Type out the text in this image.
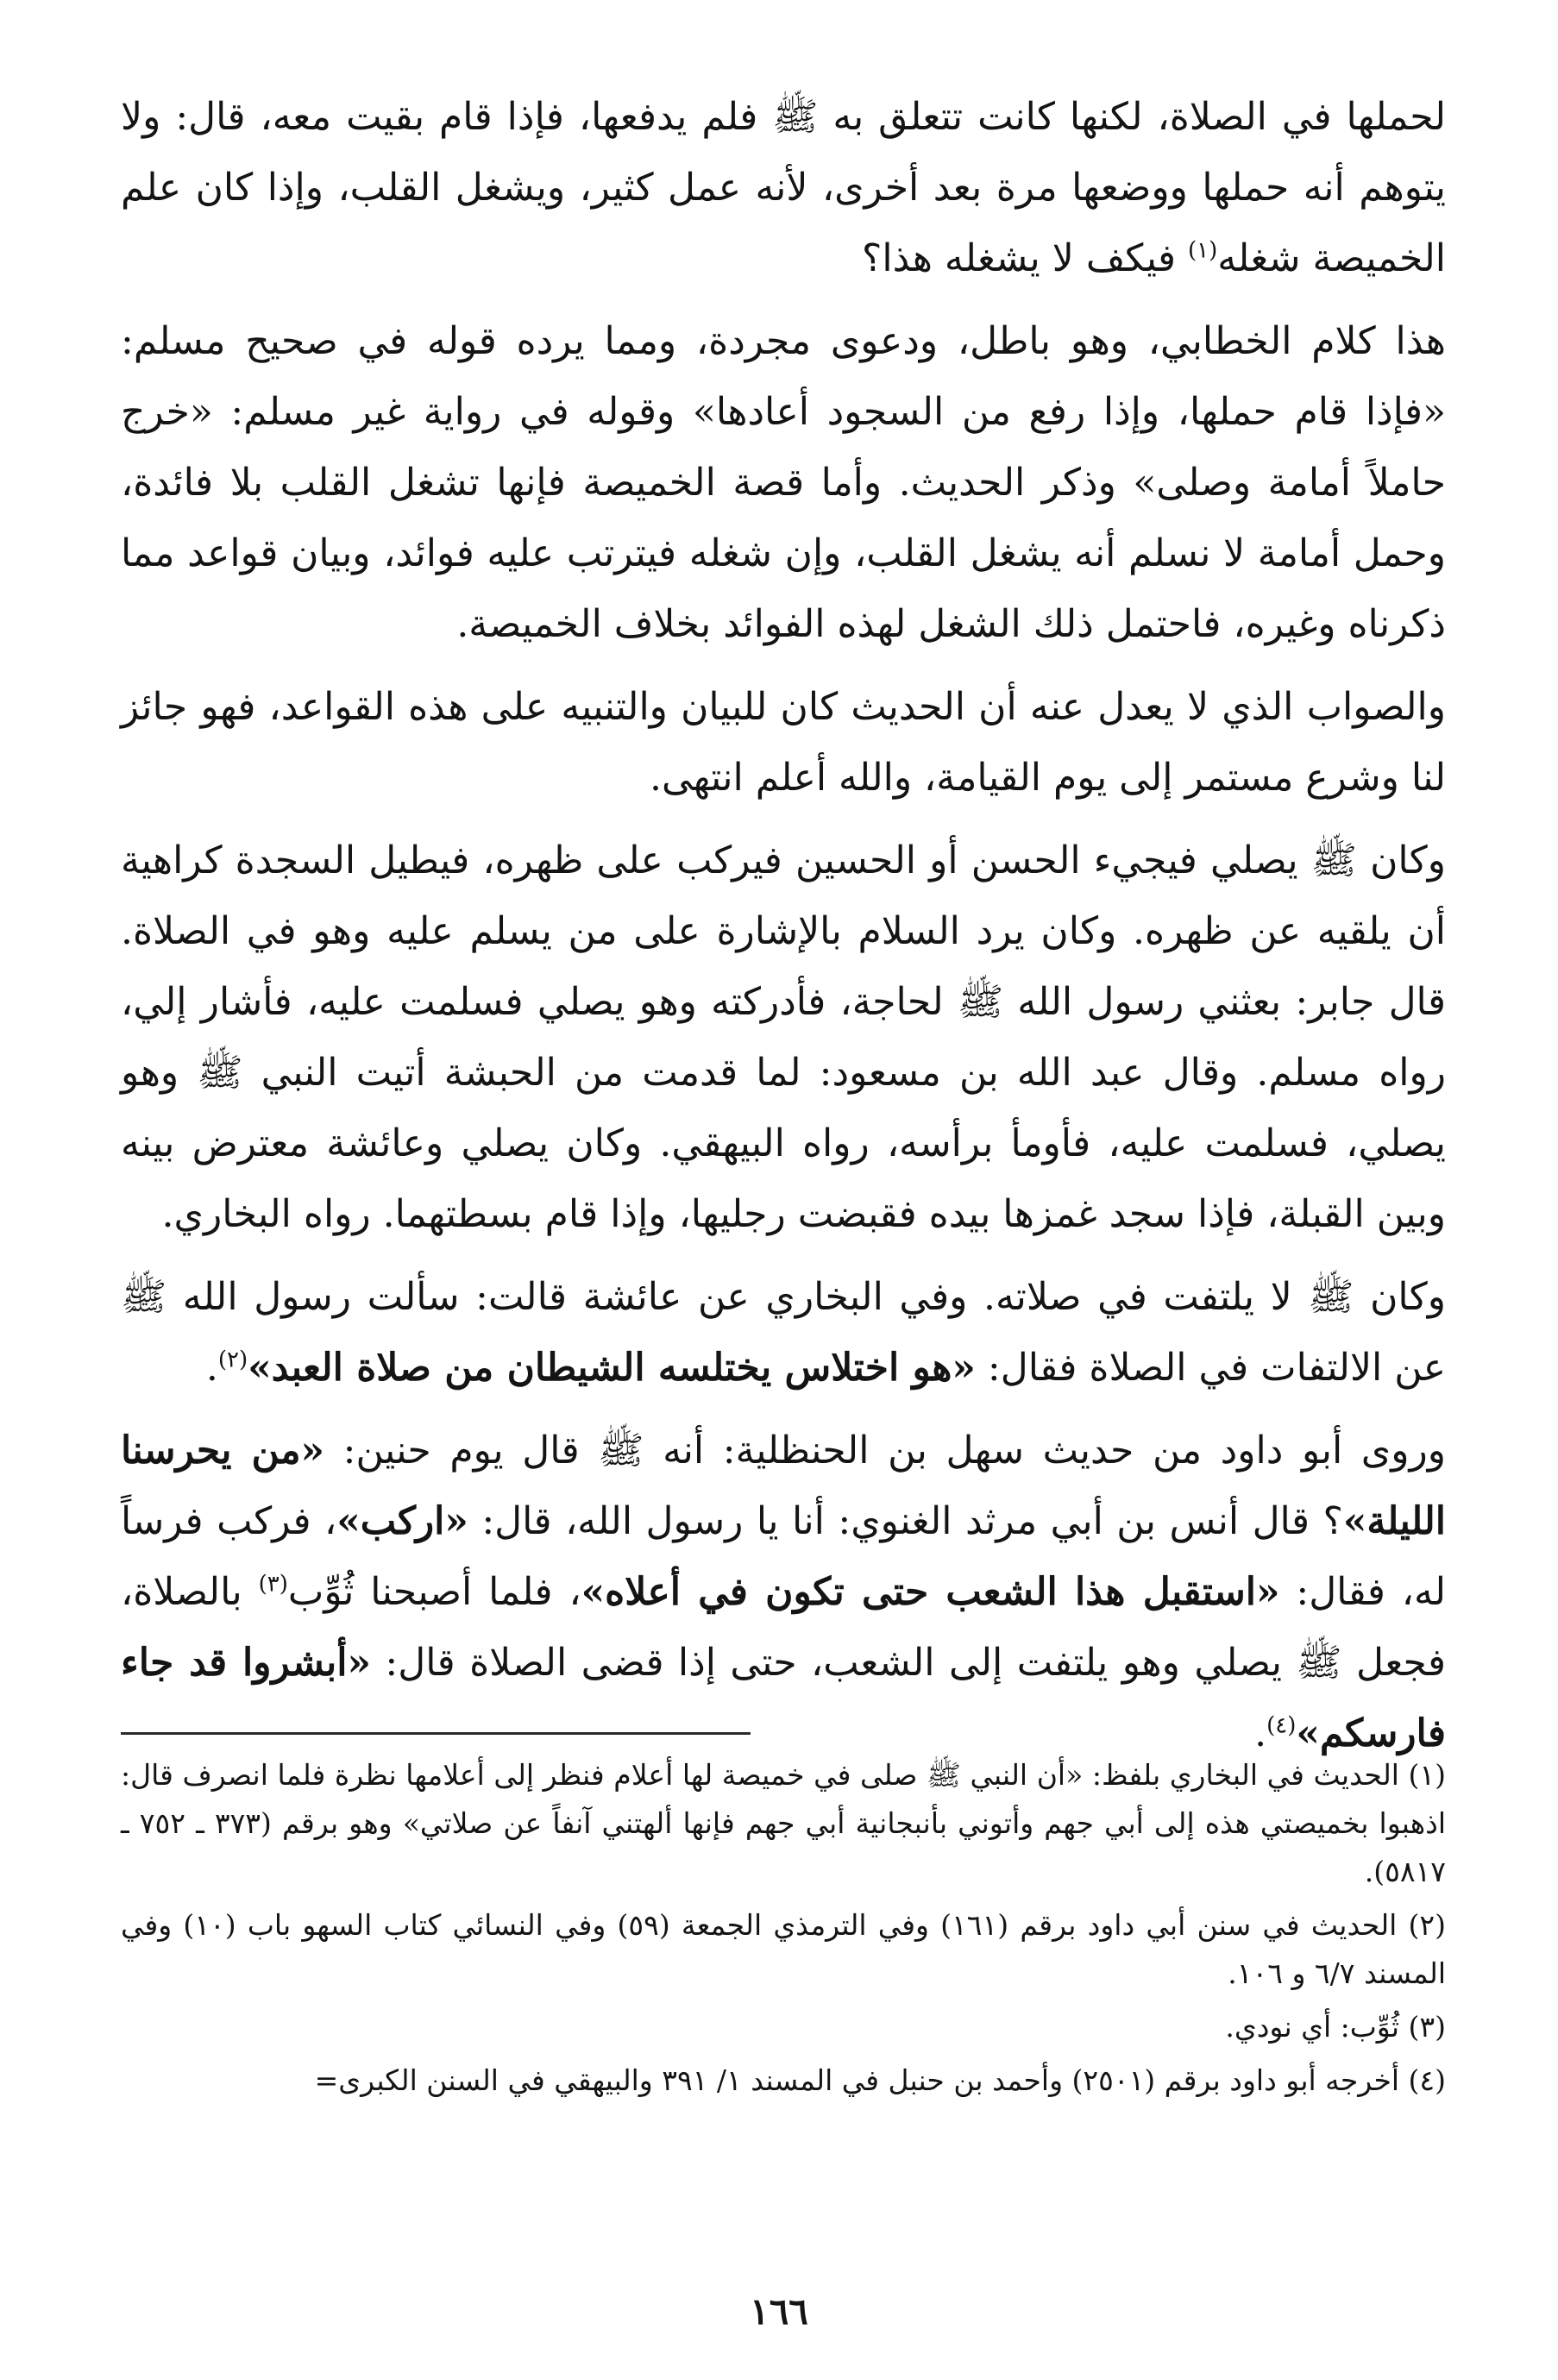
لحملها في الصلاة، لكنها كانت تتعلق به ﷺ فلم يدفعها، فإذا قام بقيت معه، قال: ولا يتوهم أنه حملها ووضعها مرة بعد أخرى، لأنه عمل كثير، ويشغل القلب، وإذا كان علم الخميصة شغله$^{(١)}$ فيكف لا يشغله هذا؟

هذا كلام الخطابي، وهو باطل، ودعوى مجردة، ومما يرده قوله في صحيح مسلم: «فإذا قام حملها، وإذا رفع من السجود أعادها» وقوله في رواية غير مسلم: «خرج حاملاً أمامة وصلى» وذكر الحديث. وأما قصة الخميصة فإنها تشغل القلب بلا فائدة، وحمل أمامة لا نسلم أنه يشغل القلب، وإن شغله فيترتب عليه فوائد، وبيان قواعد مما ذكرناه وغيره، فاحتمل ذلك الشغل لهذه الفوائد بخلاف الخميصة.

والصواب الذي لا يعدل عنه أن الحديث كان للبيان والتنبيه على هذه القواعد، فهو جائز لنا وشرع مستمر إلى يوم القيامة، والله أعلم انتهى.

وكان ﷺ يصلي فيجيء الحسن أو الحسين فيركب على ظهره، فيطيل السجدة كراهية أن يلقيه عن ظهره. وكان يرد السلام بالإشارة على من يسلم عليه وهو في الصلاة. قال جابر: بعثني رسول الله ﷺ لحاجة، فأدركته وهو يصلي فسلمت عليه، فأشار إلي، رواه مسلم. وقال عبد الله بن مسعود: لما قدمت من الحبشة أتيت النبي ﷺ وهو يصلي، فسلمت عليه، فأومأ برأسه، رواه البيهقي. وكان يصلي وعائشة معترض بينه وبين القبلة، فإذا سجد غمزها بيده فقبضت رجليها، وإذا قام بسطتهما. رواه البخاري.

وكان ﷺ لا يلتفت في صلاته. وفي البخاري عن عائشة قالت: سألت رسول الله ﷺ عن الالتفات في الصلاة فقال: «هو اختلاس يختلسه الشيطان من صلاة العبد»$^{(٢)}$.

وروى أبو داود من حديث سهل بن الحنظلية: أنه ﷺ قال يوم حنين: «من يحرسنا الليلة»؟ قال أنس بن أبي مرثد الغنوي: أنا يا رسول الله، قال: «اركب»، فركب فرساً له، فقال: «استقبل هذا الشعب حتى تكون في أعلاه»، فلما أصبحنا ثُوِّب$^{(٣)}$ بالصلاة، فجعل ﷺ يصلي وهو يلتفت إلى الشعب، حتى إذا قضى الصلاة قال: «أبشروا قد جاء فارسكم»$^{(٤)}$.

(١) الحديث في البخاري بلفظ: «أن النبي ﷺ صلى في خميصة لها أعلام فنظر إلى أعلامها نظرة فلما انصرف قال: اذهبوا بخميصتي هذه إلى أبي جهم وأتوني بأنبجانية أبي جهم فإنها ألهتني آنفاً عن صلاتي» وهو برقم (٣٧٣ ـ ٧٥٢ ـ ٥٨١٧).

(٢) الحديث في سنن أبي داود برقم (١٦١) وفي الترمذي الجمعة (٥٩) وفي النسائي كتاب السهو باب (١٠) وفي المسند ٦/٧ و ١٠٦.

(٣) ثُوِّب: أي نودي.

(٤) أخرجه أبو داود برقم (٢٥٠١) وأحمد بن حنبل في المسند ١/ ٣٩١ والبيهقي في السنن الكبرى=

١٦٦
